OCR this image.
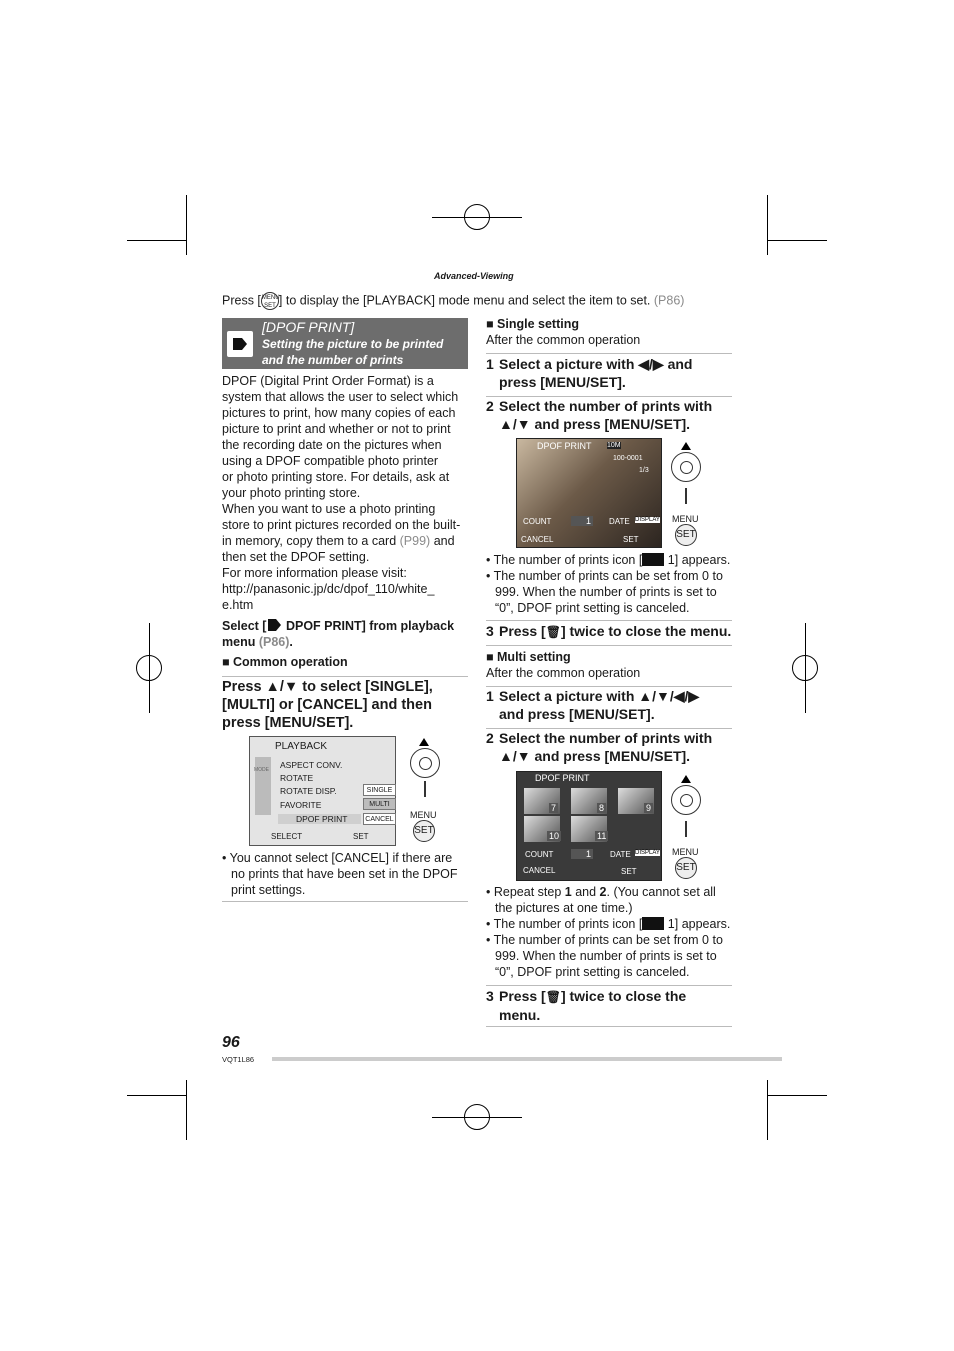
Advanced-Viewing
Press [MENU
SET ] to display the [PLAYBACK] mode menu and select the item to set. (P86)
[DPOF PRINT]
Setting the picture to be printed and the number of prints
DPOF (Digital Print Order Format) is a
system that allows the user to select which
pictures to print, how many copies of each
picture to print and whether or not to print
the recording date on the pictures when
using a DPOF compatible photo printer
or photo printing store. For details, ask at
your photo printing store.
When you want to use a photo printing
store to print pictures recorded on the built-
in memory, copy them to a card (P99) and
then set the DPOF setting.
For more information please visit:
http://panasonic.jp/dc/dpof_110/white_
e.htm
Select [ DPOF PRINT] from playback
menu (P86).
■ Common operation
Press ▲/▼ to select [SINGLE],
[MULTI] or [CANCEL] and then
press [MENU/SET].
MODE
PLAYBACK
ASPECT CONV.
ROTATE
ROTATE DISP.
FAVORITE
DPOF PRINT
SINGLE
MULTI
CANCEL
SELECT	SET
MENU
SET
• You cannot select [CANCEL] if there are
no prints that have been set in the DPOF
print settings.
■ Single setting
After the common operation
1 Select a picture with ◀/▶ and
press [MENU/SET].
2 Select the number of prints with
▲/▼ and press [MENU/SET].
DPOF PRINT 10M
100-0001
1/3
COUNT	1 DATE DISPLAY
CANCEL	SET
MENU
SET
• The number of prints icon [ 1] appears.
• The number of prints can be set from 0 to
999. When the number of prints is set to
“0”, DPOF print setting is canceled.
3 Press [🗑] twice to close the menu.
■ Multi setting
After the common operation
1 Select a picture with ▲/▼/◀/▶
and press [MENU/SET].
2 Select the number of prints with
▲/▼ and press [MENU/SET].
DPOF PRINT
7	8	9
10	11
COUNT	1 DATE DISPLAY
CANCEL	SET
MENU
SET
• Repeat step 1 and 2. (You cannot set all
the pictures at one time.)
• The number of prints icon [ 1] appears.
• The number of prints can be set from 0 to
999. When the number of prints is set to
“0”, DPOF print setting is canceled.
3 Press [🗑] twice to close the
menu.
96
VQT1L86
